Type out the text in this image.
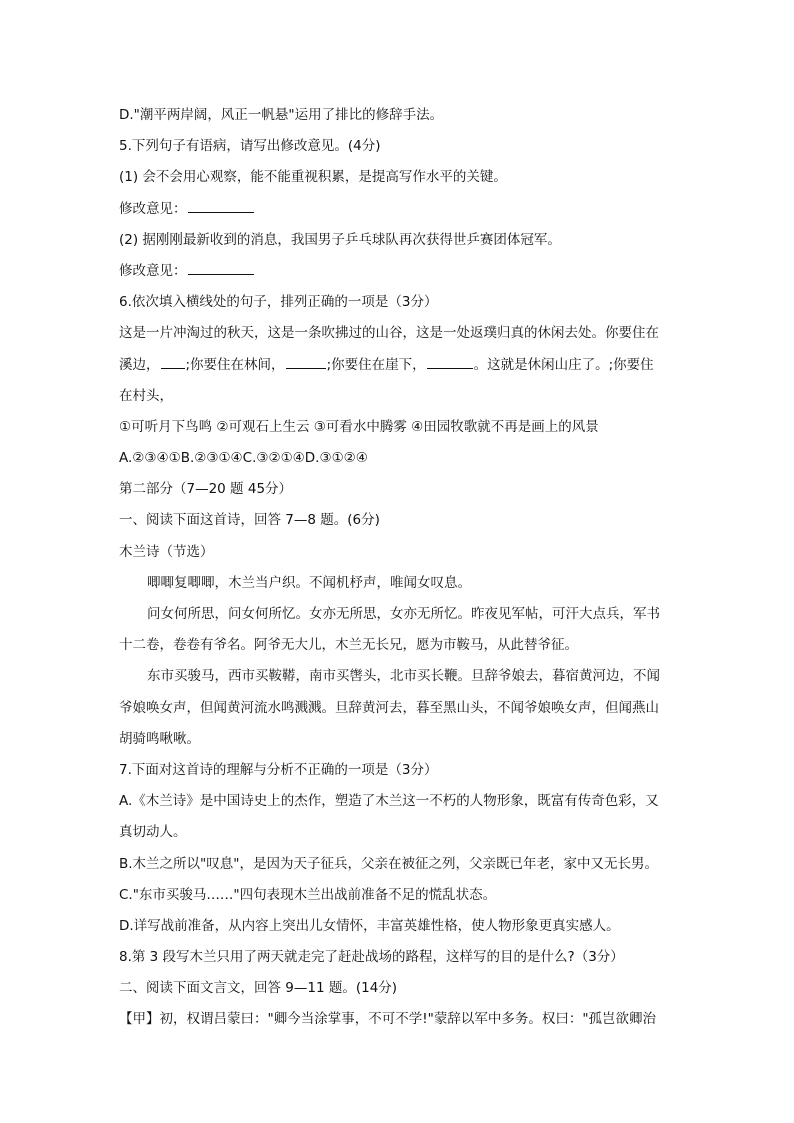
D."潮平两岸阔，风正一帆悬"运用了排比的修辞手法。
5.下列句子有语病，请写出修改意见。(4分)
(1) 会不会用心观察，能不能重视积累，是提高写作水平的关键。
修改意见：
(2) 据刚刚最新收到的消息，我国男子乒乓球队再次获得世乒赛团体冠军。
修改意见：
6.依次填入横线处的句子，排列正确的一项是（3分）
这是一片冲淘过的秋天，这是一条吹拂过的山谷，这是一处返璞归真的休闲去处。你要住在
溪边， ;你要住在林间，	;你要住在崖下，	。这就是休闲山庄了。;你要住
在村头，
①可听月下鸟鸣 ②可观石上生云 ③可看水中腾雾 ④田园牧歌就不再是画上的风景
A.②③④①B.②③①④C.③②①④D.③①②④
第二部分（7—20 题 45分）
一、阅读下面这首诗，回答 7—8 题。(6分)
木兰诗（节选）
唧唧复唧唧，木兰当户织。不闻机杼声，唯闻女叹息。
问女何所思，问女何所忆。女亦无所思，女亦无所忆。昨夜见军帖，可汗大点兵，军书
十二卷，卷卷有爷名。阿爷无大儿，木兰无长兄，愿为市鞍马，从此替爷征。
东市买骏马，西市买鞍鞯，南市买辔头，北市买长鞭。旦辞爷娘去，暮宿黄河边，不闻
爷娘唤女声，但闻黄河流水鸣溅溅。旦辞黄河去，暮至黑山头，不闻爷娘唤女声，但闻燕山
胡骑鸣啾啾。
7.下面对这首诗的理解与分析不正确的一项是（3分）
A.《木兰诗》是中国诗史上的杰作，塑造了木兰这一不朽的人物形象，既富有传奇色彩，又
真切动人。
B.木兰之所以"叹息"，是因为天子征兵，父亲在被征之列，父亲既已年老，家中又无长男。
C."东市买骏马……"四句表现木兰出战前准备不足的慌乱状态。
D.详写战前准备，从内容上突出儿女情怀，丰富英雄性格，使人物形象更真实感人。
8.第 3 段写木兰只用了两天就走完了赶赴战场的路程，这样写的目的是什么?（3分）
二、阅读下面文言文，回答 9—11 题。(14分)
【甲】初，权谓吕蒙曰："卿今当涂掌事，不可不学!"蒙辞以军中多务。权曰："孤岂欲卿治
